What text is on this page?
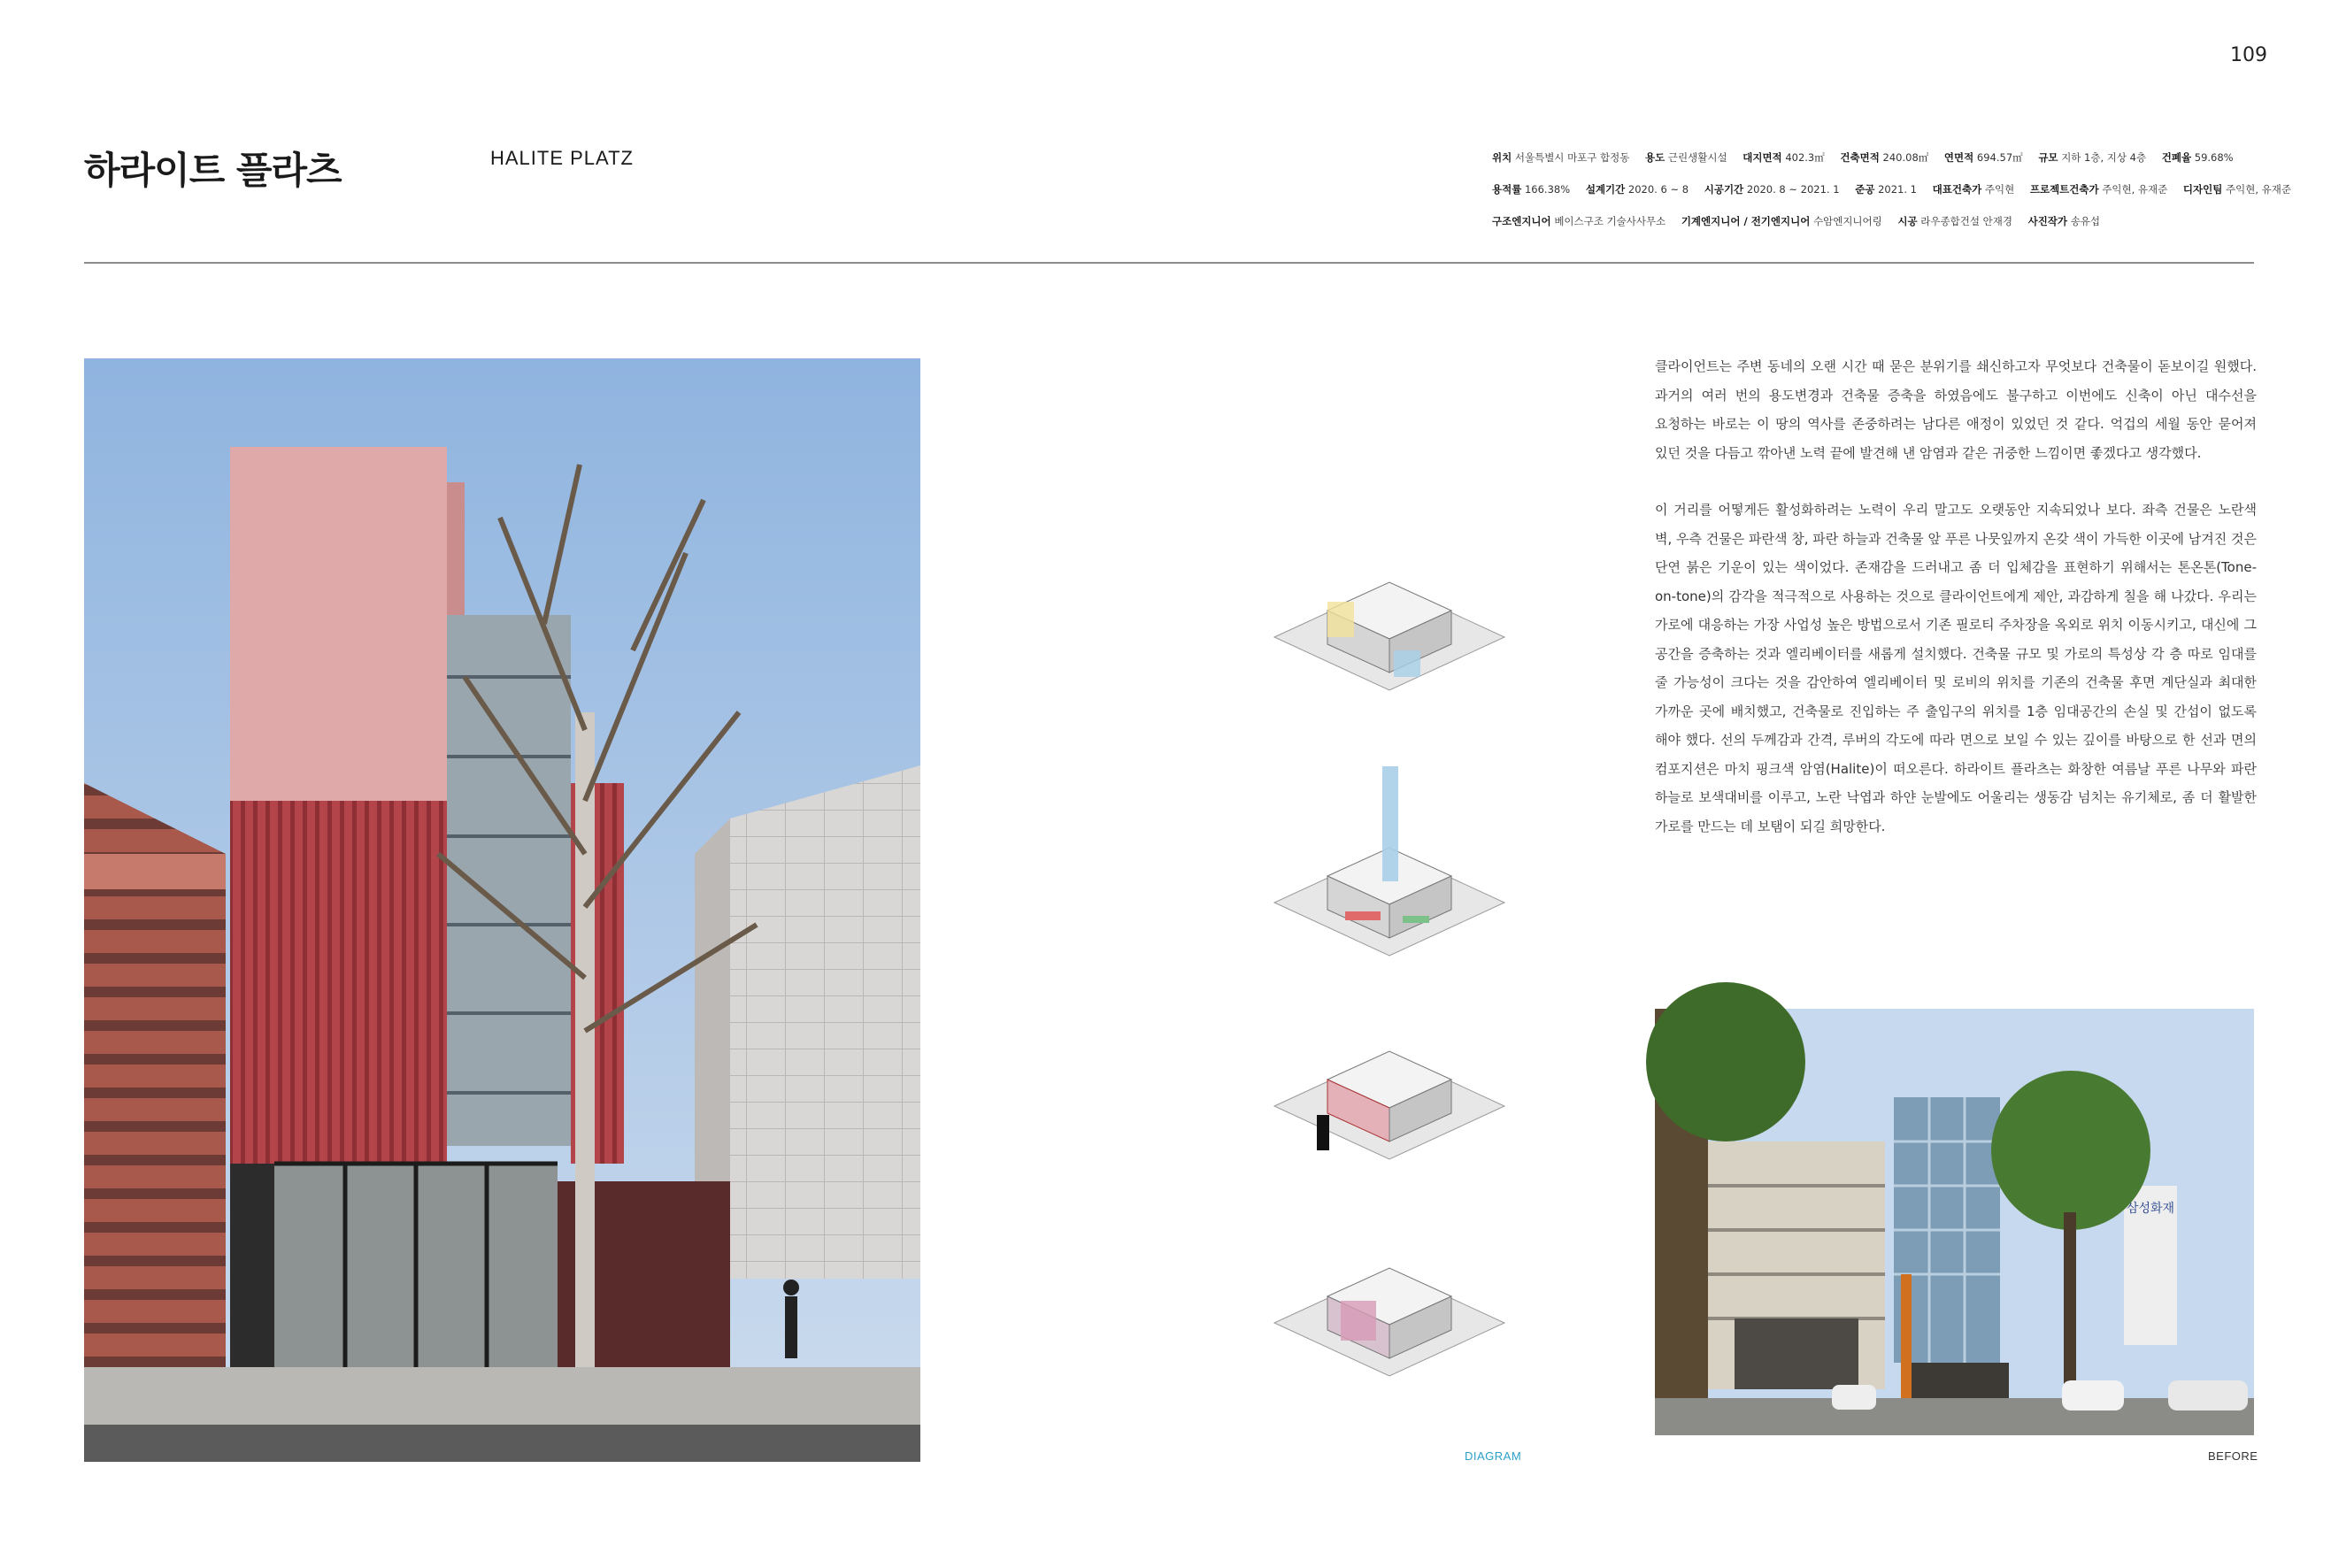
109
하라이트 플라츠	HALITE PLATZ	위치 서울특별시 마포구 합정동 용도 근린생활시설 대지면적 402.3㎡ 건축면적 240.08㎡ 연면적 694.57㎡ 규모 지하 1층, 지상 4층 건폐율 59.68%
용적률 166.38% 설계기간 2020. 6 ~ 8 시공기간 2020. 8 ~ 2021. 1 준공 2021. 1 대표건축가 주익현 프로젝트건축가 주익현, 유재준 디자인팀 주익현, 유재준
구조엔지니어 베이스구조 기술사사무소 기계엔지니어 / 전기엔지니어 수암엔지니어링 시공 라우종합건설 안재경 사진작가 송유섭
DIAGRAM

클라이언트는 주변 동네의 오랜 시간 때 묻은 분위기를 쇄신하고자 무엇보다 건축물이 돋보이길 원했다. 과거의 여러 번의 용도변경과 건축물 증축을 하였음에도 불구하고 이번에도 신축이 아닌 대수선을 요청하는 바로는 이 땅의 역사를 존중하려는 남다른 애정이 있었던 것 같다. 억겁의 세월 동안 묻어져 있던 것을 다듬고 깎아낸 노력 끝에 발견해 낸 암염과 같은 귀중한 느낌이면 좋겠다고 생각했다.

이 거리를 어떻게든 활성화하려는 노력이 우리 말고도 오랫동안 지속되었나 보다. 좌측 건물은 노란색 벽, 우측 건물은 파란색 창, 파란 하늘과 건축물 앞 푸른 나뭇잎까지 온갖 색이 가득한 이곳에 남겨진 것은 단연 붉은 기운이 있는 색이었다. 존재감을 드러내고 좀 더 입체감을 표현하기 위해서는 톤온톤(Tone-on-tone)의 감각을 적극적으로 사용하는 것으로 클라이언트에게 제안, 과감하게 칠을 해 나갔다. 우리는 가로에 대응하는 가장 사업성 높은 방법으로서 기존 필로티 주차장을 옥외로 위치 이동시키고, 대신에 그 공간을 증축하는 것과 엘리베이터를 새롭게 설치했다. 건축물 규모 및 가로의 특성상 각 층 따로 임대를 줄 가능성이 크다는 것을 감안하여 엘리베이터 및 로비의 위치를 기존의 건축물 후면 계단실과 최대한 가까운 곳에 배치했고, 건축물로 진입하는 주 출입구의 위치를 1층 임대공간의 손실 및 간섭이 없도록 해야 했다. 선의 두께감과 간격, 루버의 각도에 따라 면으로 보일 수 있는 깊이를 바탕으로 한 선과 면의 컴포지션은 마치 핑크색 암염(Halite)이 떠오른다. 하라이트 플라츠는 화창한 여름날 푸른 나무와 파란 하늘로 보색대비를 이루고, 노란 낙엽과 하얀 눈발에도 어울리는 생동감 넘치는 유기체로, 좀 더 활발한 가로를 만드는 데 보탬이 되길 희망한다.

삼성화재
BEFORE
